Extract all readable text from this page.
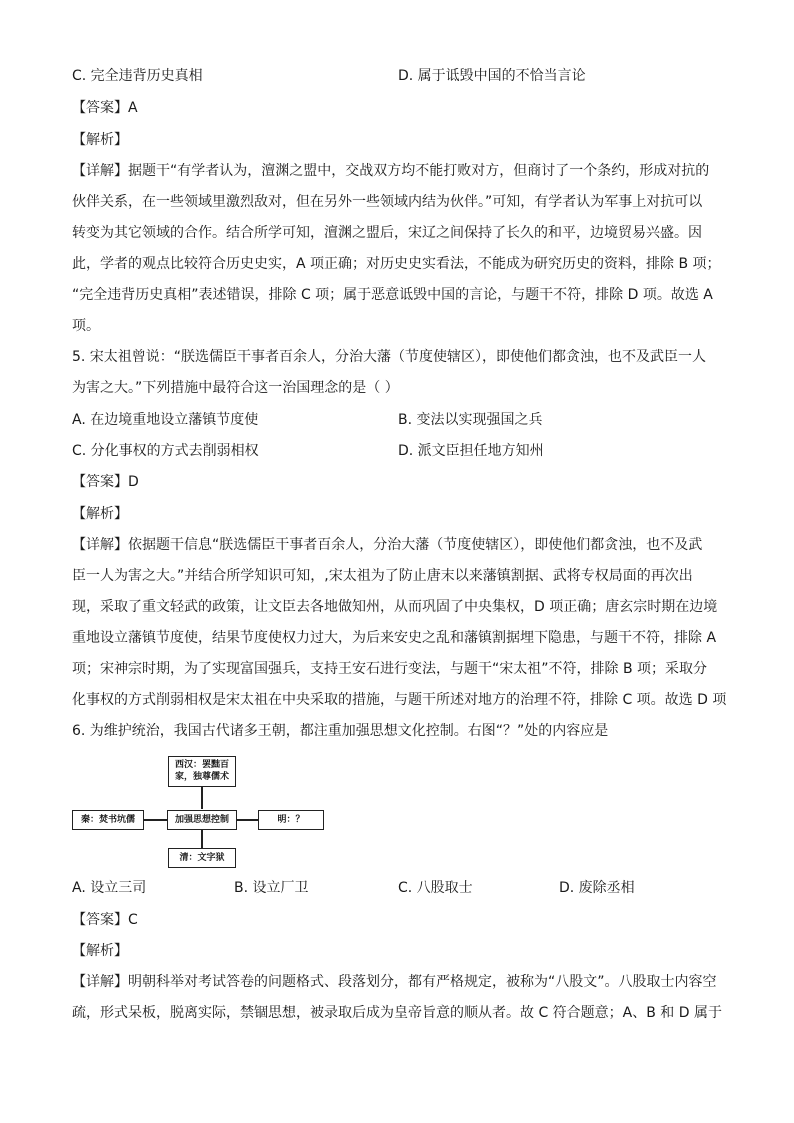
C. 完全违背历史真相	D. 属于诋毁中国的不恰当言论
【答案】A
【解析】
【详解】据题干“有学者认为，澶渊之盟中，交战双方均不能打败对方，但商讨了一个条约，形成对抗的
伙伴关系，在一些领域里激烈敌对，但在另外一些领域内结为伙伴。”可知，有学者认为军事上对抗可以
转变为其它领域的合作。结合所学可知，澶渊之盟后，宋辽之间保持了长久的和平，边境贸易兴盛。因
此，学者的观点比较符合历史史实，A 项正确；对历史史实看法，不能成为研究历史的资料，排除 B 项；
“完全违背历史真相”表述错误，排除 C 项；属于恶意诋毁中国的言论，与题干不符，排除 D 项。故选 A
项。
5. 宋太祖曾说：“朕选儒臣干事者百余人，分治大藩（节度使辖区），即使他们都贪浊，也不及武臣一人
为害之大。”下列措施中最符合这一治国理念的是（ ）
A. 在边境重地设立藩镇节度使	B. 变法以实现强国之兵
C. 分化事权的方式去削弱相权	D. 派文臣担任地方知州
【答案】D
【解析】
【详解】依据题干信息“朕选儒臣干事者百余人，分治大藩（节度使辖区），即使他们都贪浊，也不及武
臣一人为害之大。”并结合所学知识可知，,宋太祖为了防止唐末以来藩镇割据、武将专权局面的再次出
现，采取了重文轻武的政策，让文臣去各地做知州，从而巩固了中央集权，D 项正确；唐玄宗时期在边境
重地设立藩镇节度使，结果节度使权力过大，为后来安史之乱和藩镇割据埋下隐患，与题干不符，排除 A
项；宋神宗时期，为了实现富国强兵，支持王安石进行变法，与题干“宋太祖”不符，排除 B 项；采取分
化事权的方式削弱相权是宋太祖在中央采取的措施，与题干所述对地方的治理不符，排除 C 项。故选 D 项
6. 为维护统治，我国古代诸多王朝，都注重加强思想文化控制。右图“？”处的内容应是
西汉：罢黜百
家，独尊儒术
秦：焚书坑儒	加强思想控制	明：？
清：文字狱
A. 设立三司	B. 设立厂卫	C. 八股取士	D. 废除丞相
【答案】C
【解析】
【详解】明朝科举对考试答卷的问题格式、段落划分，都有严格规定，被称为“八股文”。八股取士内容空
疏，形式呆板，脱离实际，禁锢思想，被录取后成为皇帝旨意的顺从者。故 C 符合题意；A、B 和 D 属于
